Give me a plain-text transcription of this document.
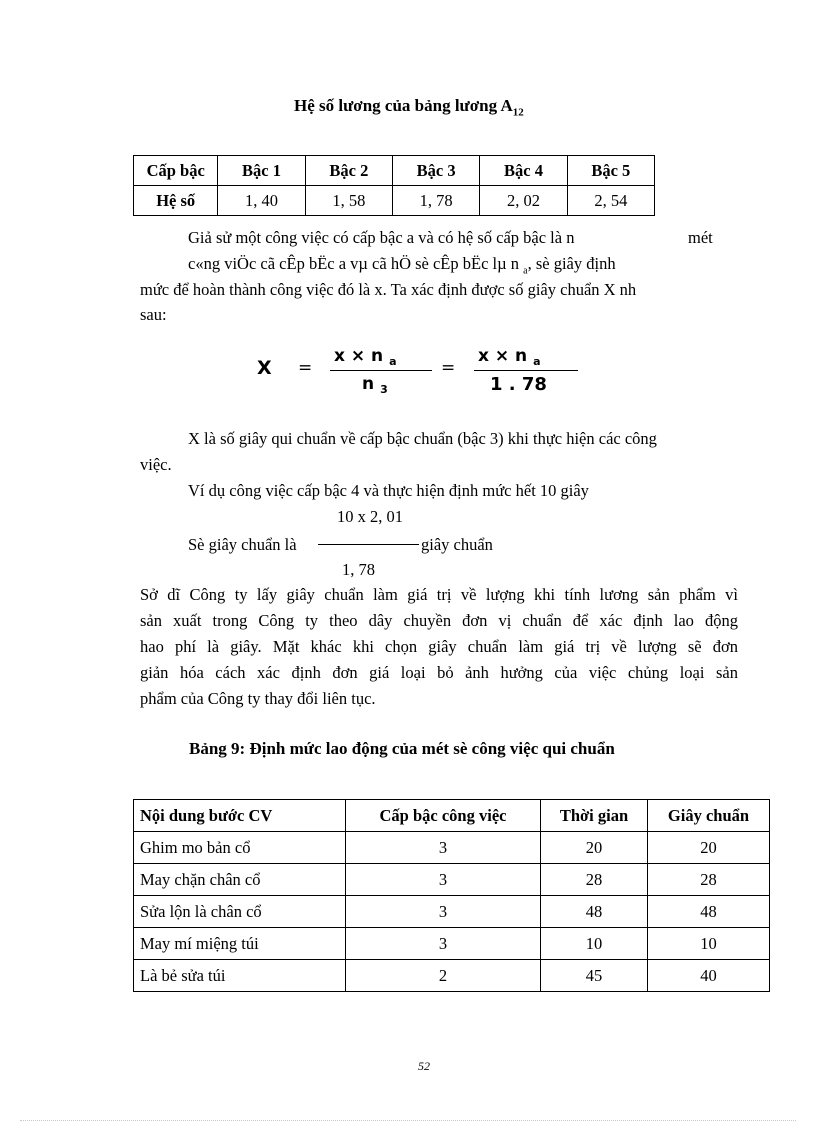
Hệ số lương của bảng lương $A_{12}$
Cấp bậc	Bậc 1	Bậc 2	Bậc 3	Bậc 4	Bậc 5
Hệ số	1, 40	1, 58	1, 78	2, 02	2, 54
Giả sử một công việc có cấp bậc a và có hệ số cấp bậc là n	mét
c«ng viÖc cã cÊp bËc a vµ cã hÖ sè cÊp bËc lµ n $_a$, sè giây định
mức để hoàn thành công việc đó là x. Ta xác định được số giây chuẩn X nh
sau:
X =
x × n $_a$
n $_3$
=
x × n $_a$
1 . 78
X là số giây qui chuẩn về cấp bậc chuẩn (bậc 3) khi thực hiện các công
việc.
Ví dụ công việc cấp bậc 4 và thực hiện định mức hết 10 giây
10 x 2, 01
Sè giây chuẩn là	giây chuẩn
1, 78
Sở dĩ Công ty lấy giây chuẩn làm giá trị về lượng khi tính lương sản phẩm vì
sản xuất trong Công ty theo dây chuyền đơn vị chuẩn để xác định lao động
hao phí là giây. Mặt khác khi chọn giây chuẩn làm giá trị về lượng sẽ đơn
giản hóa cách xác định đơn giá loại bỏ ảnh hưởng của việc chủng loại sản
phẩm của Công ty thay đổi liên tục.
Bảng 9: Định mức lao động của mét sè công việc qui chuẩn
Nội dung bước CV	Cấp bậc công việc	Thời gian	Giây chuẩn
Ghim mo bản cổ	3	20	20
May chặn chân cổ	3	28	28
Sửa lộn là chân cổ	3	48	48
May mí miệng túi	3	10	10
Là bẻ sửa túi	2	45	40
52
